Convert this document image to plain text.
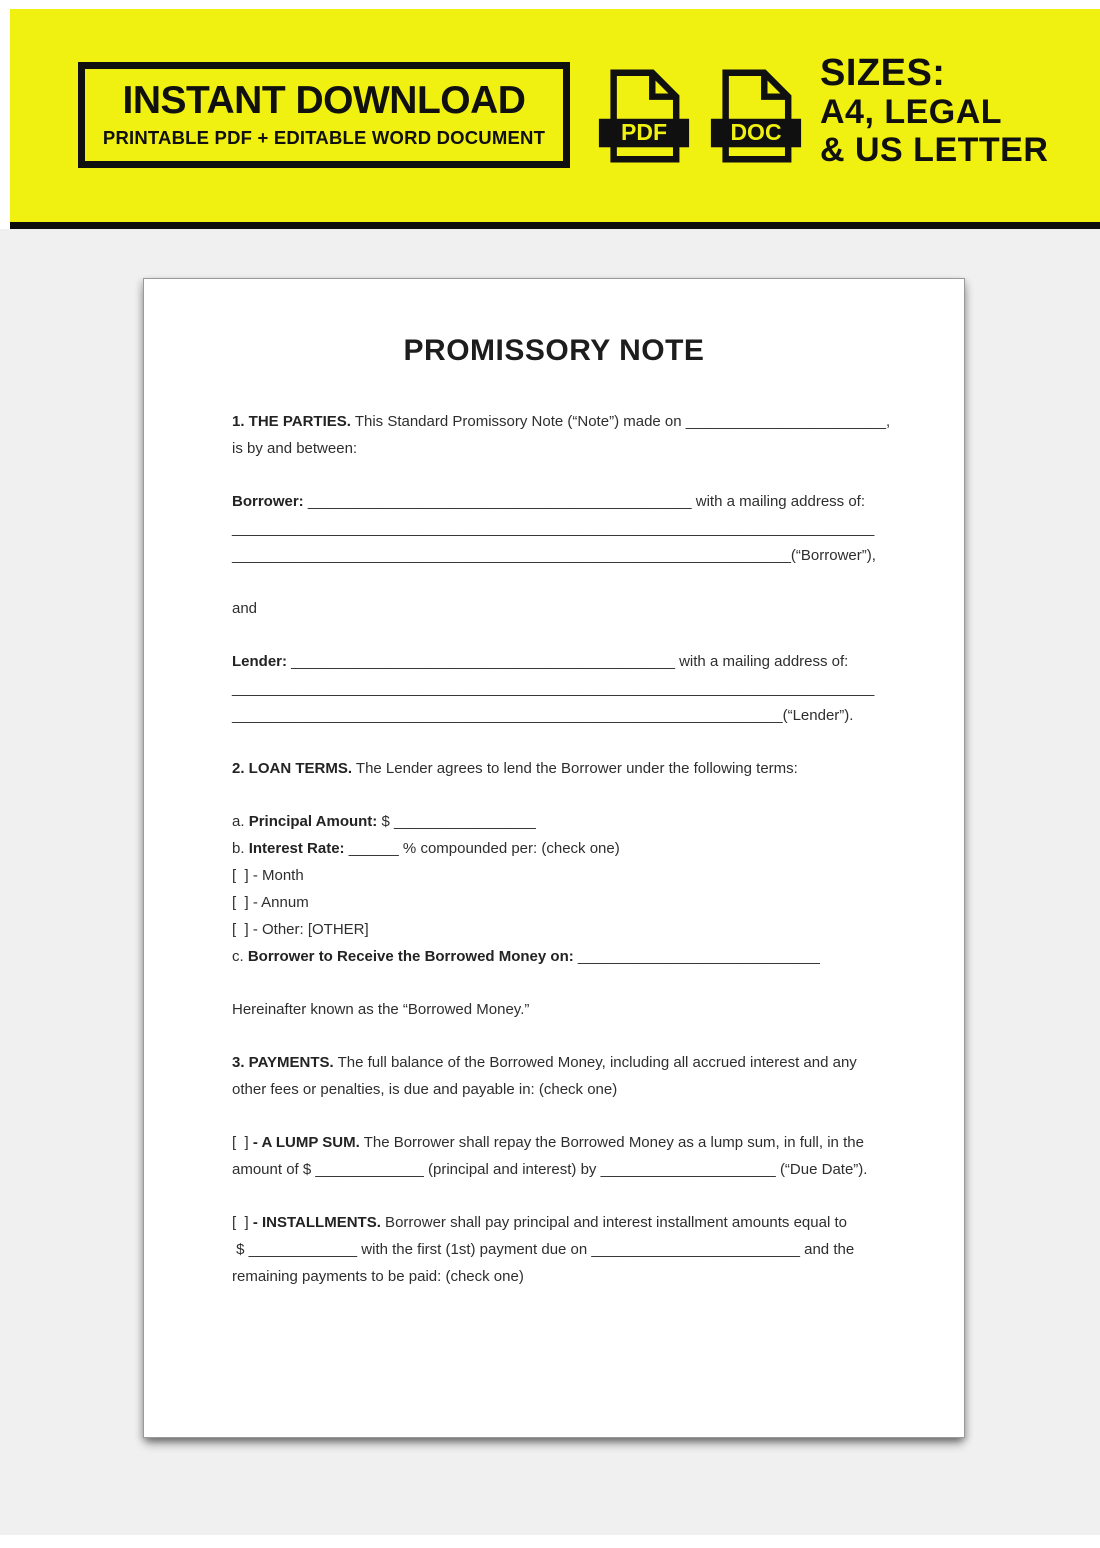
INSTANT DOWNLOAD
PRINTABLE PDF + EDITABLE WORD DOCUMENT	PDF	DOC
SIZES:
A4, LEGAL
& US LETTER
PROMISSORY NOTE
1. THE PARTIES. This Standard Promissory Note (“Note”) made on ________________________,
is by and between:
Borrower: ______________________________________________ with a mailing address of:
_____________________________________________________________________________
___________________________________________________________________(“Borrower”),
and
Lender: ______________________________________________ with a mailing address of:
_____________________________________________________________________________
__________________________________________________________________(“Lender”).
2. LOAN TERMS. The Lender agrees to lend the Borrower under the following terms:
a. Principal Amount: $ _________________
b. Interest Rate: ______ % compounded per: (check one)
[  ] - Month
[  ] - Annum
[  ] - Other: [OTHER]
c. Borrower to Receive the Borrowed Money on: _____________________________
Hereinafter known as the “Borrowed Money.”
3. PAYMENTS. The full balance of the Borrowed Money, including all accrued interest and any
other fees or penalties, is due and payable in: (check one)
[  ] - A LUMP SUM. The Borrower shall repay the Borrowed Money as a lump sum, in full, in the
amount of $ _____________ (principal and interest) by _____________________ (“Due Date”).
[  ] - INSTALLMENTS. Borrower shall pay principal and interest installment amounts equal to
$ _____________ with the first (1st) payment due on _________________________ and the
remaining payments to be paid: (check one)
